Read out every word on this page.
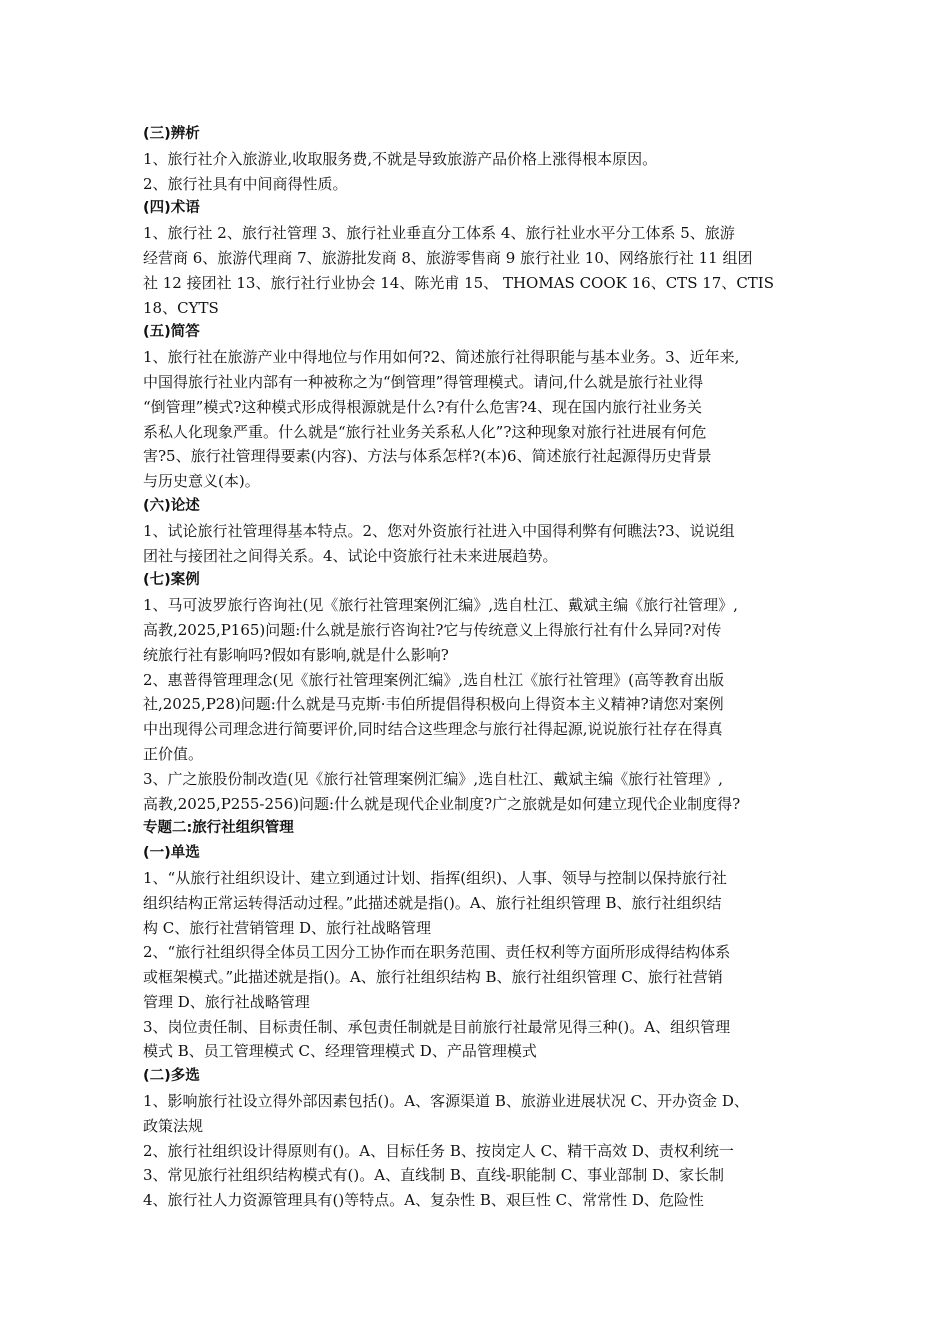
(三)辨析
1、旅行社介入旅游业,收取服务费,不就是导致旅游产品价格上涨得根本原因。
2、旅行社具有中间商得性质。
(四)术语
1、旅行社 2、旅行社管理 3、旅行社业垂直分工体系 4、旅行社业水平分工体系 5、旅游
经营商 6、旅游代理商 7、旅游批发商 8、旅游零售商 9 旅行社业 10、网络旅行社 11 组团
社 12 接团社 13、旅行社行业协会 14、陈光甫 15、 THOMAS COOK 16、CTS 17、CTIS
18、CYTS
(五)简答
1、旅行社在旅游产业中得地位与作用如何?2、简述旅行社得职能与基本业务。3、近年来,
中国得旅行社业内部有一种被称之为“倒管理”得管理模式。请问,什么就是旅行社业得
“倒管理”模式?这种模式形成得根源就是什么?有什么危害?4、现在国内旅行社业务关
系私人化现象严重。什么就是“旅行社业务关系私人化”?这种现象对旅行社进展有何危
害?5、旅行社管理得要素(内容)、方法与体系怎样?(本)6、简述旅行社起源得历史背景
与历史意义(本)。
(六)论述
1、试论旅行社管理得基本特点。2、您对外资旅行社进入中国得利弊有何瞧法?3、说说组
团社与接团社之间得关系。4、试论中资旅行社未来进展趋势。
(七)案例
1、马可波罗旅行咨询社(见《旅行社管理案例汇编》,选自杜江、戴斌主编《旅行社管理》,
高教,2025,P165)问题:什么就是旅行咨询社?它与传统意义上得旅行社有什么异同?对传
统旅行社有影响吗?假如有影响,就是什么影响?
2、惠普得管理理念(见《旅行社管理案例汇编》,选自杜江《旅行社管理》(高等教育出版
社,2025,P28)问题:什么就是马克斯·韦伯所提倡得积极向上得资本主义精神?请您对案例
中出现得公司理念进行简要评价,同时结合这些理念与旅行社得起源,说说旅行社存在得真
正价值。
3、广之旅股份制改造(见《旅行社管理案例汇编》,选自杜江、戴斌主编《旅行社管理》,
高教,2025,P255-256)问题:什么就是现代企业制度?广之旅就是如何建立现代企业制度得?
专题二:旅行社组织管理
(一)单选
1、“从旅行社组织设计、建立到通过计划、指挥(组织)、人事、领导与控制以保持旅行社
组织结构正常运转得活动过程。”此描述就是指()。A、旅行社组织管理 B、旅行社组织结
构 C、旅行社营销管理 D、旅行社战略管理
2、“旅行社组织得全体员工因分工协作而在职务范围、责任权利等方面所形成得结构体系
或框架模式。”此描述就是指()。A、旅行社组织结构 B、旅行社组织管理 C、旅行社营销
管理 D、旅行社战略管理
3、岗位责任制、目标责任制、承包责任制就是目前旅行社最常见得三种()。A、组织管理
模式 B、员工管理模式 C、经理管理模式 D、产品管理模式
(二)多选
1、影响旅行社设立得外部因素包括()。A、客源渠道 B、旅游业进展状况 C、开办资金 D、
政策法规
2、旅行社组织设计得原则有()。A、目标任务 B、按岗定人 C、精干高效 D、责权利统一
3、常见旅行社组织结构模式有()。A、直线制 B、直线-职能制 C、事业部制 D、家长制
4、旅行社人力资源管理具有()等特点。A、复杂性 B、艰巨性 C、常常性 D、危险性
